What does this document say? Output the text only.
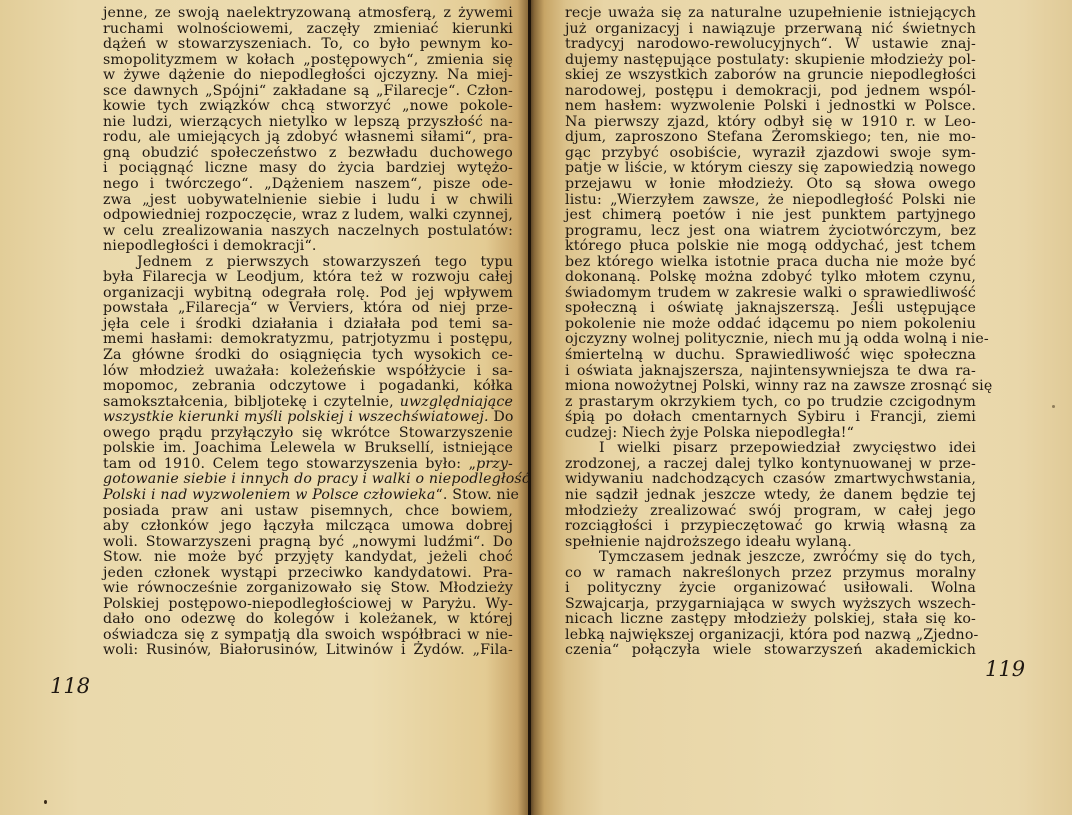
jenne, ze swoją naelektryzowaną atmosferą, z żywemi
ruchami wolnościowemi, zaczęły zmieniać kierunki
dążeń w stowarzyszeniach. To, co było pewnym ko-
smopolityzmem w kołach „postępowych“, zmienia się
w żywe dążenie do niepodległości ojczyzny. Na miej-
sce dawnych „Spójni“ zakładane są „Filarecje“. Człon-
kowie tych związków chcą stworzyć „nowe pokole-
nie ludzi, wierzących nietylko w lepszą przyszłość na-
rodu, ale umiejących ją zdobyć własnemi siłami“, pra-
gną obudzić społeczeństwo z bezwładu duchowego
i pociągnąć liczne masy do życia bardziej wytężo-
nego i twórczego“. „Dążeniem naszem“, pisze ode-
zwa „jest uobywatelnienie siebie i ludu i w chwili
odpowiedniej rozpoczęcie, wraz z ludem, walki czynnej,
w celu zrealizowania naszych naczelnych postulatów:
niepodległości i demokracji“.
Jednem z pierwszych stowarzyszeń tego typu
była Filarecja w Leodjum, która też w rozwoju całej
organizacji wybitną odegrała rolę. Pod jej wpływem
powstała „Filarecja“ w Verviers, która od niej prze-
jęła cele i środki działania i działała pod temi sa-
memi hasłami: demokratyzmu, patrjotyzmu i postępu,
Za główne środki do osiągnięcia tych wysokich ce-
lów młodzież uważała: koleżeńskie współżycie i sa-
mopomoc, zebrania odczytowe i pogadanki, kółka
samokształcenia, bibljotekę i czytelnie, uwzględniające
wszystkie kierunki myśli polskiej i wszechświatowej. Do
owego prądu przyłączyło się wkrótce Stowarzyszenie
polskie im. Joachima Lelewela w Bruksellí, istniejące
tam od 1910. Celem tego stowarzyszenia było: „przy-
gotowanie siebie i innych do pracy i walki o niepodległość
Polski i nad wyzwoleniem w Polsce człowieka“. Stow. nie
posiada praw ani ustaw pisemnych, chce bowiem,
aby członków jego łączyła milcząca umowa dobrej
woli. Stowarzyszeni pragną być „nowymi ludźmi“. Do
Stow. nie może być przyjęty kandydat, jeżeli choć
jeden członek wystąpi przeciwko kandydatowi. Pra-
wie równocześnie zorganizowało się Stow. Młodzieży
Polskiej postępowo-niepodległościowej w Paryżu. Wy-
dało ono odezwę do kolegów i koleżanek, w której
oświadcza się z sympatją dla swoich współbraci w nie-
woli: Rusinów, Białorusinów, Litwinów i Żydów. „Fila-
recje uważa się za naturalne uzupełnienie istniejących
już organizacyj i nawiązuje przerwaną nić świetnych
tradycyj narodowo-rewolucyjnych“. W ustawie znaj-
dujemy następujące postulaty: skupienie młodzieży pol-
skiej ze wszystkich zaborów na gruncie niepodległości
narodowej, postępu i demokracji, pod jednem wspól-
nem hasłem: wyzwolenie Polski i jednostki w Polsce.
Na pierwszy zjazd, który odbył się w 1910 r. w Leo-
djum, zaproszono Stefana Żeromskiego; ten, nie mo-
gąc przybyć osobiście, wyraził zjazdowi swoje sym-
patje w liście, w którym cieszy się zapowiedzią nowego
przejawu w łonie młodzieży. Oto są słowa owego
listu: „Wierzyłem zawsze, że niepodległość Polski nie
jest chimerą poetów i nie jest punktem partyjnego
programu, lecz jest ona wiatrem życiotwórczym, bez
którego płuca polskie nie mogą oddychać, jest tchem
bez którego wielka istotnie praca ducha nie może być
dokonaną. Polskę można zdobyć tylko młotem czynu,
świadomym trudem w zakresie walki o sprawiedliwość
społeczną i oświatę jaknajszerszą. Jeśli ustępujące
pokolenie nie może oddać idącemu po niem pokoleniu
ojczyzny wolnej politycznie, niech mu ją odda wolną i nie-
śmiertelną w duchu. Sprawiedliwość więc społeczna
i oświata jaknajszersza, najintensywniejsza te dwa ra-
miona nowożytnej Polski, winny raz na zawsze zrosnąć się
z prastarym okrzykiem tych, co po trudzie czcigodnym
śpią po dołach cmentarnych Sybiru i Francji, ziemi
cudzej: Niech żyje Polska niepodległa!“
I wielki pisarz przepowiedział zwycięstwo idei
zrodzonej, a raczej dalej tylko kontynuowanej w prze-
widywaniu nadchodzących czasów zmartwychwstania,
nie sądził jednak jeszcze wtedy, że danem będzie tej
młodzieży zrealizować swój program, w całej jego
rozciągłości i przypieczętować go krwią własną za
spełnienie najdroższego ideału wylaną.
Tymczasem jednak jeszcze, zwróćmy się do tych,
co w ramach nakreślonych przez przymus moralny
i polityczny życie organizować usiłowali. Wolna
Szwajcarja, przygarniająca w swych wyższych wszech-
nicach liczne zastępy młodzieży polskiej, stała się ko-
lebką największej organizacji, która pod nazwą „Zjedno-
czenia“ połączyła wiele stowarzyszeń akademickich
118
119
